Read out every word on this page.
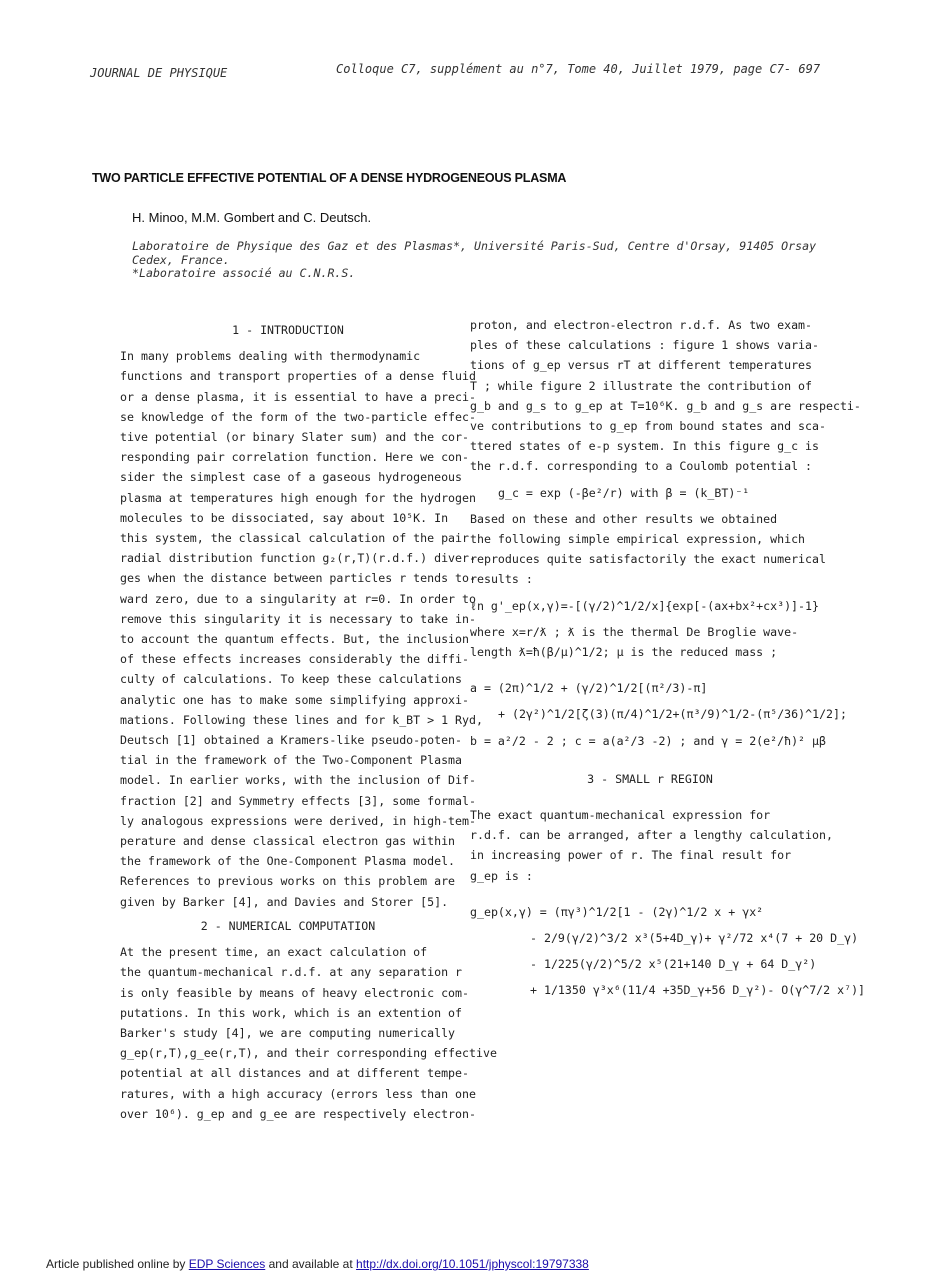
JOURNAL DE PHYSIQUE	Colloque C7, supplément au n°7, Tome 40, Juillet 1979, page C7- 697
TWO PARTICLE EFFECTIVE POTENTIAL OF A DENSE HYDROGENEOUS PLASMA
H. Minoo, M.M. Gombert and C. Deutsch.
Laboratoire de Physique des Gaz et des Plasmas*, Université Paris-Sud, Centre d'Orsay, 91405 Orsay
Cedex, France.
*Laboratoire associé au C.N.R.S.

1 - INTRODUCTION

In many problems dealing with thermodynamic

functions and transport properties of a dense fluid

or a dense plasma, it is essential to have a preci-

se knowledge of the form of the two-particle effec-

tive potential (or binary Slater sum) and the cor-

responding pair correlation function. Here we con-

sider the simplest case of a gaseous hydrogeneous

plasma at temperatures high enough for the hydrogen

molecules to be dissociated, say about 10⁵K. In

this system, the classical calculation of the pair

radial distribution function g₂(r,T)(r.d.f.) diver-

ges when the distance between particles r tends to-

ward zero, due to a singularity at r=0. In order to

remove this singularity it is necessary to take in-

to account the quantum effects. But, the inclusion

of these effects increases considerably the diffi-

culty of calculations. To keep these calculations

analytic one has to make some simplifying approxi-

mations. Following these lines and for k_BT > 1 Ryd,

Deutsch [1] obtained a Kramers-like pseudo-poten-

tial in the framework of the Two-Component Plasma

model. In earlier works, with the inclusion of Dif-

fraction [2] and Symmetry effects [3], some formal-

ly analogous expressions were derived, in high-tem-

perature and dense classical electron gas within

the framework of the One-Component Plasma model.

References to previous works on this problem are

given by Barker [4], and Davies and Storer [5].

2 - NUMERICAL COMPUTATION

At the present time, an exact calculation of

the quantum-mechanical r.d.f. at any separation r

is only feasible by means of heavy electronic com-

putations. In this work, which is an extention of

Barker's study [4], we are computing numerically

g_ep(r,T),g_ee(r,T), and their corresponding effective

potential at all distances and at different tempe-

ratures, with a high accuracy (errors less than one

over 10⁶). g_ep and g_ee are respectively electron-

proton, and electron-electron r.d.f. As two exam-

ples of these calculations : figure 1 shows varia-

tions of g_ep versus rT at different temperatures

T ; while figure 2 illustrate the contribution of

g_b and g_s to g_ep at T=10⁶K. g_b and g_s are respecti-

ve contributions to g_ep from bound states and sca-

ttered states of e-p system. In this figure g_c is

the r.d.f. corresponding to a Coulomb potential :

g_c = exp (-βe²/r) with β = (k_BT)⁻¹

Based on these and other results we obtained

the following simple empirical expression, which

reproduces quite satisfactorily the exact numerical

results :

ℓn g'_ep(x,γ)=-[(γ/2)^1/2/x]{exp[-(ax+bx²+cx³)]-1}

where x=r/ƛ ; ƛ is the thermal De Broglie wave-

length ƛ=ħ(β/μ)^1/2; μ is the reduced mass ;

a = (2π)^1/2 + (γ/2)^1/2[(π²/3)-π]

+ (2γ²)^1/2[ζ(3)(π/4)^1/2+(π³/9)^1/2-(π⁵/36)^1/2];

b = a²/2 - 2 ; c = a(a²/3 -2) ; and γ = 2(e²/ħ)² μβ

3 - SMALL r REGION

The exact quantum-mechanical expression for

r.d.f. can be arranged, after a lengthy calculation,

in increasing power of r. The final result for

g_ep is :

g_ep(x,γ) = (πγ³)^1/2[1 - (2γ)^1/2 x + γx²

- 2/9(γ/2)^3/2 x³(5+4D_γ)+ γ²/72 x⁴(7 + 20 D_γ)

- 1/225(γ/2)^5/2 x⁵(21+140 D_γ + 64 D_γ²)

+ 1/1350 γ³x⁶(11/4 +35D_γ+56 D_γ²)- O(γ^7/2 x⁷)]

Article published online by EDP Sciences and available at http://dx.doi.org/10.1051/jphyscol:19797338
